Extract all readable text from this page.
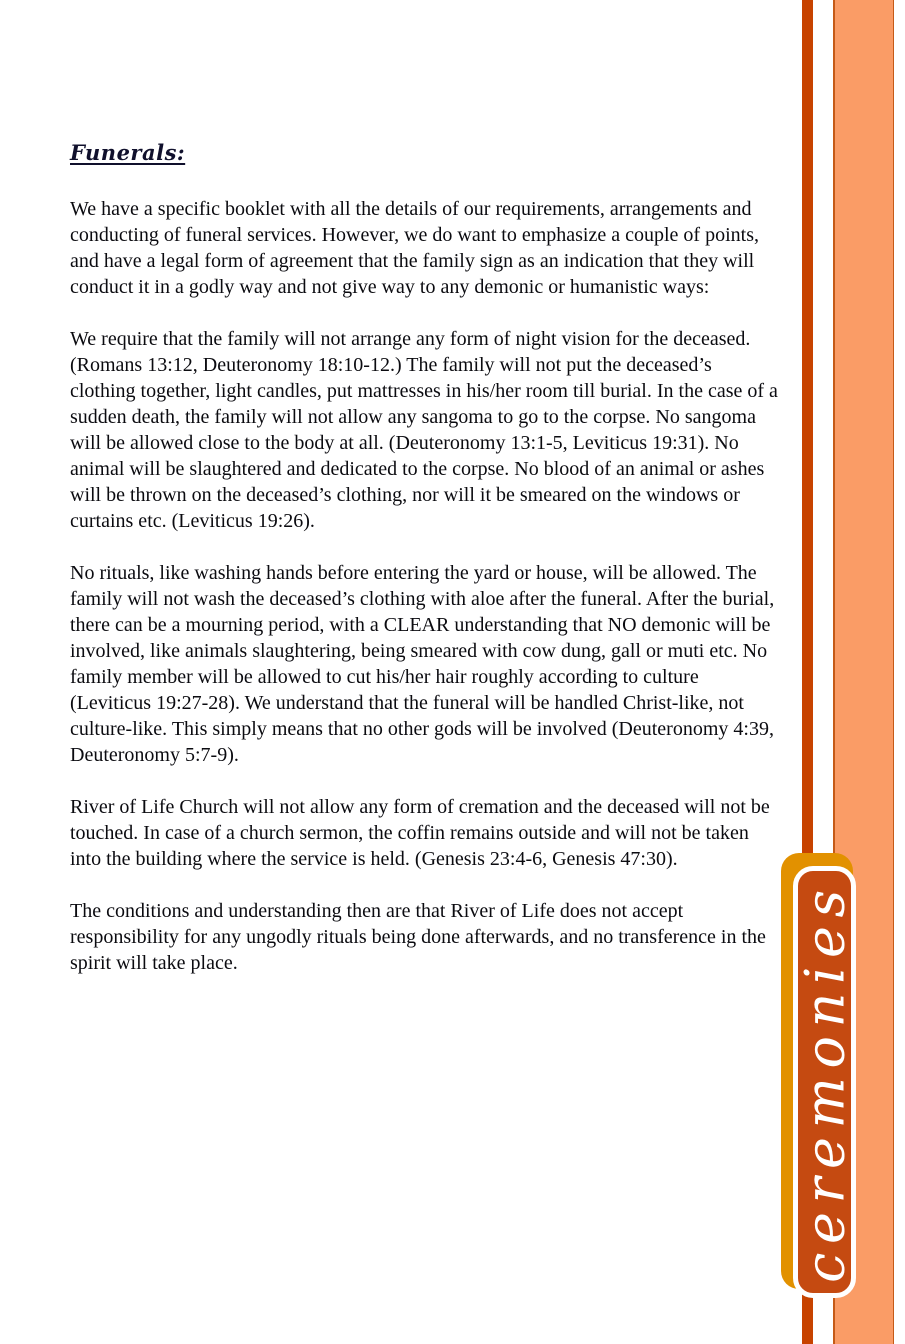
Funerals:

We have a specific booklet with all the details of our requirements, arrangements and conducting of funeral services. However, we do want to emphasize a couple of points, and have a legal form of agreement that the family sign as an indication that they will conduct it in a godly way and not give way to any demonic or humanistic ways:

We require that the family will not arrange any form of night vision for the deceased. (Romans 13:12, Deuteronomy 18:10-12.) The family will not put the deceased’s clothing together, light candles, put mattresses in his/her room till burial. In the case of a sudden death, the family will not allow any sangoma to go to the corpse. No sangoma will be allowed close to the body at all. (Deuteronomy 13:1-5, Leviticus 19:31). No animal will be slaughtered and dedicated to the corpse. No blood of an animal or ashes will be thrown on the deceased’s clothing, nor will it be smeared on the windows or curtains etc. (Leviticus 19:26).

No rituals, like washing hands before entering the yard or house, will be allowed. The family will not wash the deceased’s clothing with aloe after the funeral. After the burial, there can be a mourning period, with a CLEAR understanding that NO demonic will be involved, like animals slaughtering, being smeared with cow dung, gall or muti etc. No family member will be allowed to cut his/her hair roughly according to culture (Leviticus 19:27-28). We understand that the funeral will be handled Christ-like, not culture-like. This simply means that no other gods will be involved (Deuteronomy 4:39, Deuteronomy 5:7-9).

River of Life Church will not allow any form of cremation and the deceased will not be touched. In case of a church sermon, the coffin remains outside and will not be taken into the building where the service is held. (Genesis 23:4-6, Genesis 47:30).

The conditions and understanding then are that River of Life does not accept responsibility for any ungodly rituals being done afterwards, and no transference in the spirit will take place.	ceremonies
